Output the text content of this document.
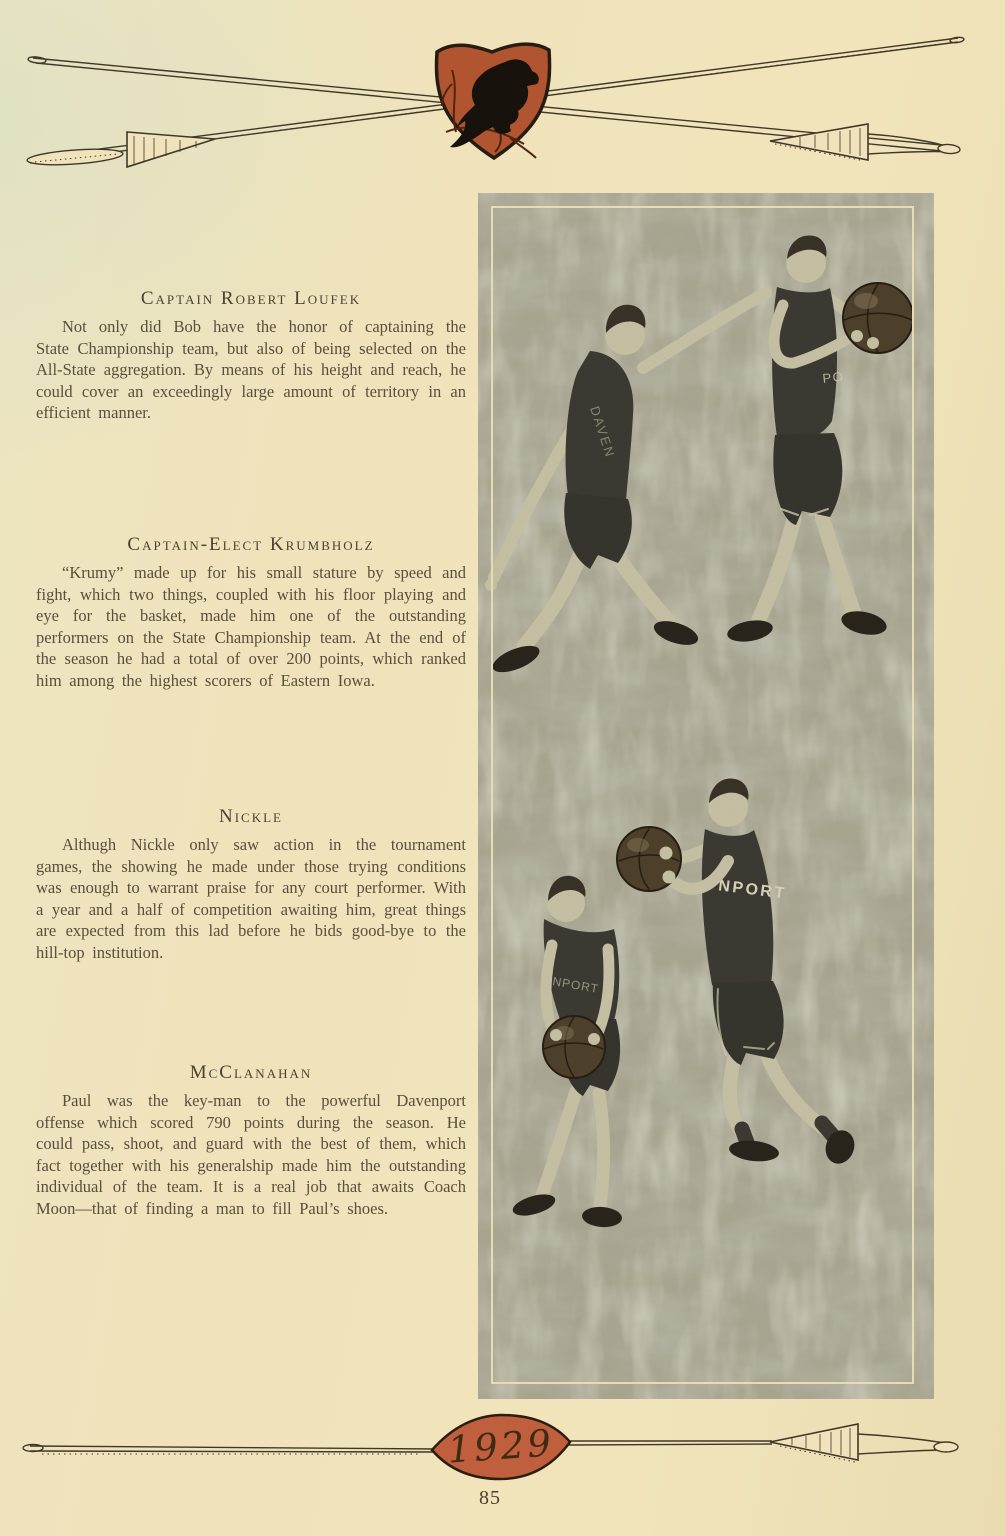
Captain Robert Loufek

Not only did Bob have the honor of captaining the State Championship team, but also of being selected on the All-State aggregation. By means of his height and reach, he could cover an exceedingly large amount of territory in an efficient manner.

Captain-Elect Krumbholz

“Krumy” made up for his small stature by speed and fight, which two things, coupled with his floor playing and eye for the basket, made him one of the outstanding performers on the State Championship team. At the end of the season he had a total of over 200 points, which ranked him among the highest scorers of Eastern Iowa.

Nickle

Althugh Nickle only saw action in the tournament games, the showing he made under those trying conditions was enough to warrant praise for any court performer. With a year and a half of competition awaiting him, great things are expected from this lad before he bids good-bye to the hill-top institution.

McClanahan

Paul was the key-man to the powerful Davenport offense which scored 790 points during the season. He could pass, shoot, and guard with the best of them, which fact together with his generalship made him the outstanding individual of the team. It is a real job that awaits Coach Moon—that of finding a man to fill Paul’s shoes.

DAVEN
PO
NPORT
NPORT
1929
85
